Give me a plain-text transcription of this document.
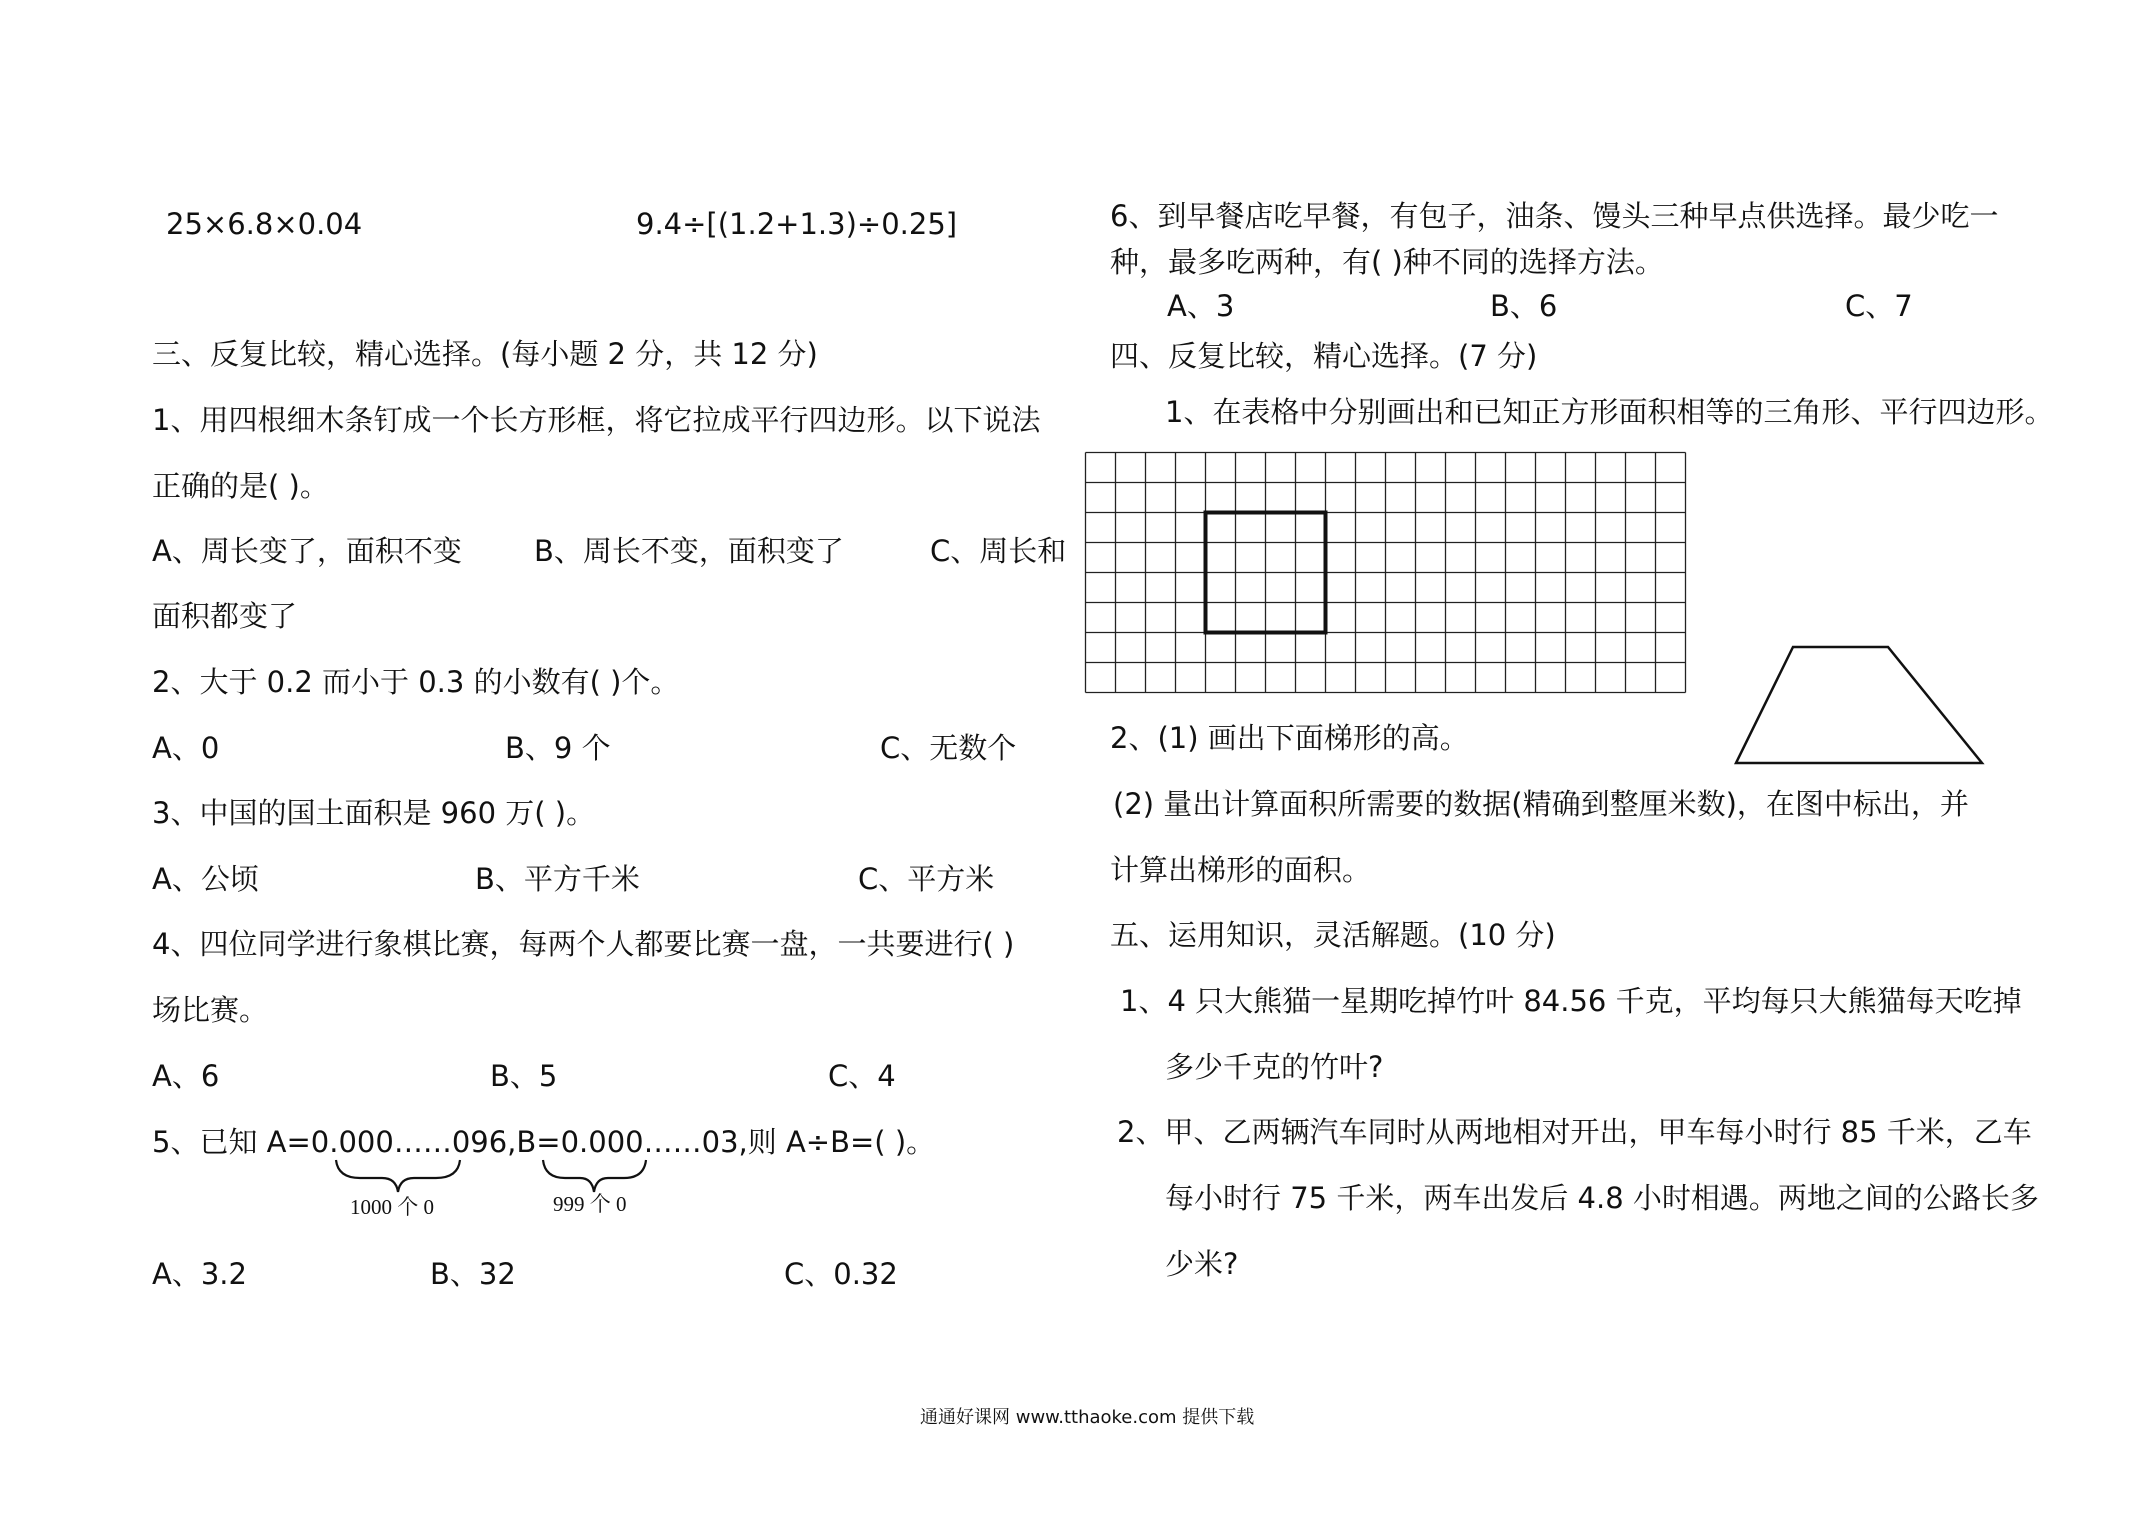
25×6.8×0.04	9.4÷[(1.2+1.3)÷0.25]
三、反复比较，精心选择。(每小题 2 分，共 12 分)
1、用四根细木条钉成一个长方形框，将它拉成平行四边形。以下说法
正确的是( )。
A、周长变了，面积不变 B、周长不变，面积变了	C、周长和
面积都变了
2、大于 0.2 而小于 0.3 的小数有( )个。
A、0	B、9 个	C、无数个
3、中国的国土面积是 960 万( )。
A、公顷	B、平方千米	C、平方米
4、四位同学进行象棋比赛，每两个人都要比赛一盘，一共要进行( )
场比赛。
A、6	B、5	C、4
5、已知 A=0.000……096,B=0.000……03,则 A÷B=( )。
1000 个 0	999 个 0
A、3.2	B、32	C、0.32
6、到早餐店吃早餐，有包子，油条、馒头三种早点供选择。最少吃一
种，最多吃两种，有( )种不同的选择方法。
A、3	B、6	C、7
四、反复比较，精心选择。(7 分)
1、在表格中分别画出和已知正方形面积相等的三角形、平行四边形。
2、(1) 画出下面梯形的高。
(2) 量出计算面积所需要的数据(精确到整厘米数)，在图中标出，并
计算出梯形的面积。
五、运用知识，灵活解题。(10 分)
1、4 只大熊猫一星期吃掉竹叶 84.56 千克，平均每只大熊猫每天吃掉
多少千克的竹叶?
2、甲、乙两辆汽车同时从两地相对开出，甲车每小时行 85 千米，乙车
每小时行 75 千米，两车出发后 4.8 小时相遇。两地之间的公路长多
少米?
通通好课网 www.tthaoke.com 提供下载
